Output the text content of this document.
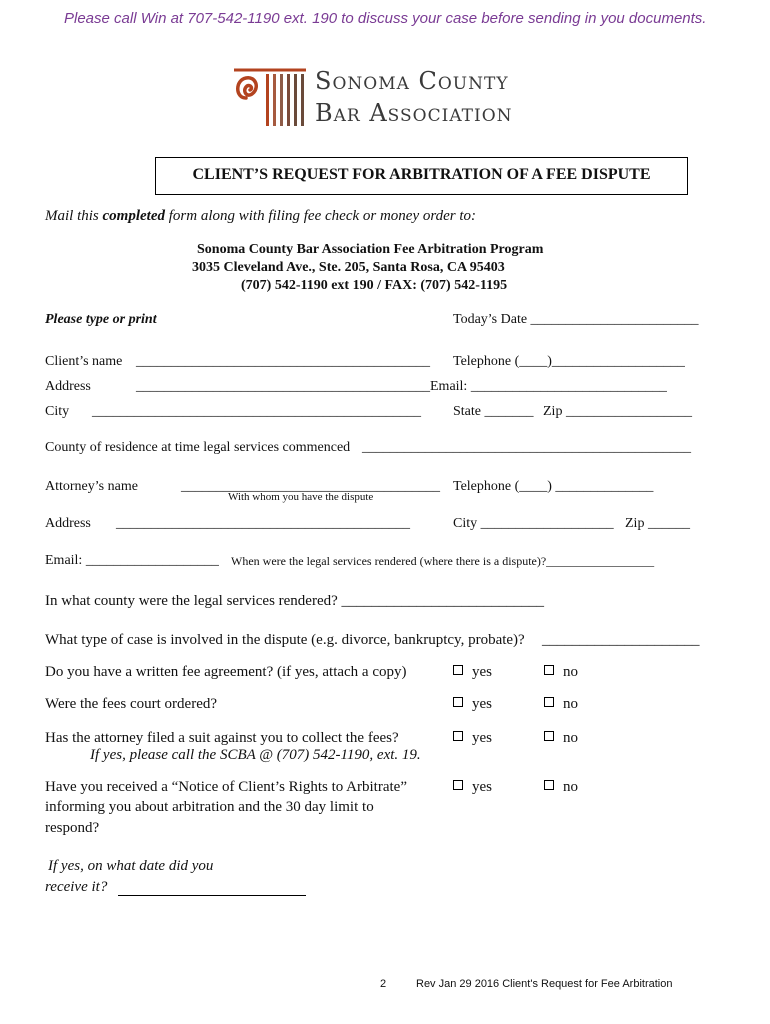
Please call Win at 707-542-1190 ext. 190 to discuss your case before sending in you documents.
Sonoma County
Bar Association
CLIENT’S REQUEST FOR ARBITRATION OF A FEE DISPUTE
Mail this completed form along with filing fee check or money order to:
Sonoma County Bar Association Fee Arbitration Program
3035 Cleveland Ave., Ste. 205, Santa Rosa, CA 95403
(707) 542-1190 ext 190 / FAX: (707) 542-1195
Please type or print	Today’s Date ________________________
Client’s name __________________________________________ Telephone (____)___________________
Address	__________________________________________Email: ____________________________
City _______________________________________________ State _______ Zip __________________
County of residence at time legal services commenced _______________________________________________
Attorney’s name	_____________________________________
With whom you have the dispute
Telephone (____) ______________
Address __________________________________________	City ___________________ Zip ______
Email: ___________________ When were the legal services rendered (where there is a dispute)?__________________
In what county were the legal services rendered? ___________________________
What type of case is involved in the dispute (e.g. divorce, bankruptcy, probate)? _____________________
Do you have a written fee agreement? (if yes, attach a copy)	yes	no
Were the fees court ordered?	yes	no
Has the attorney filed a suit against you to collect the fees?
If yes, please call the SCBA @ (707) 542-1190, ext. 19.
yes	no
Have you received a “Notice of Client’s Rights to Arbitrate”
informing you about arbitration and the 30 day limit to
respond?
yes	no
If yes, on what date did you
receive it?
2	Rev Jan 29 2016 Client's Request for Fee Arbitration
